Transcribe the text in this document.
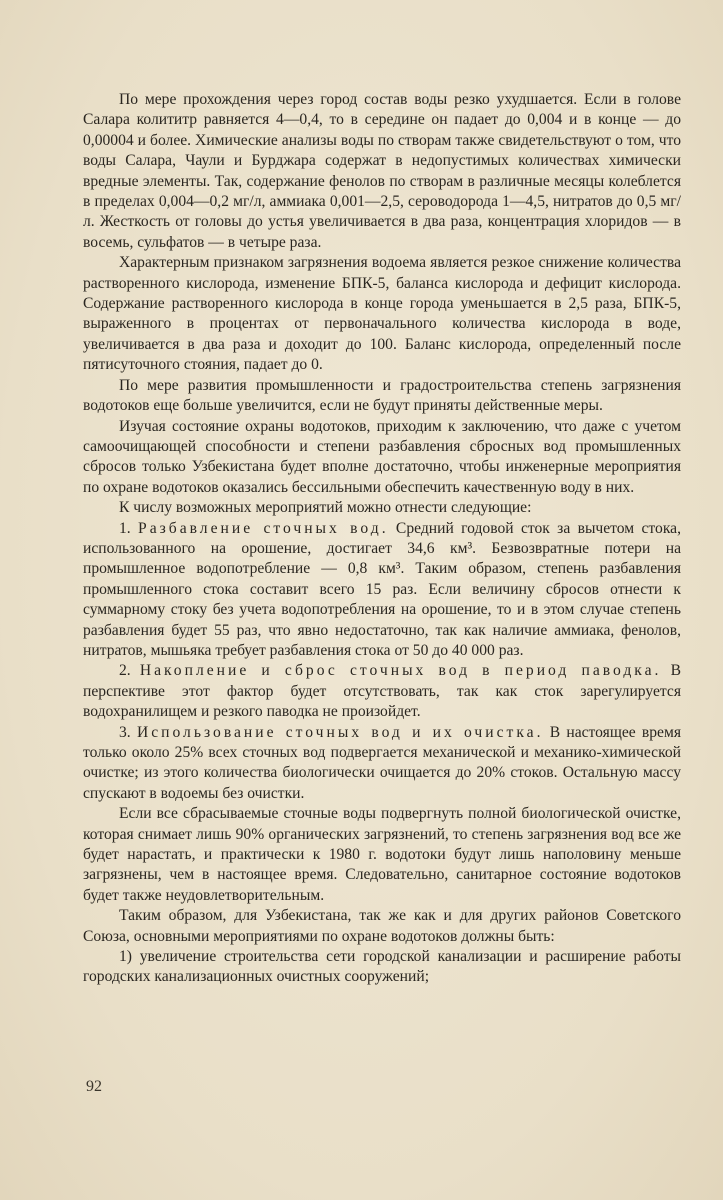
По мере прохождения через город состав воды резко ухудшается. Если в голове Салара колититр равняется 4—0,4, то в середине он падает до 0,004 и в конце — до 0,00004 и более. Химические анализы воды по створам также свидетельствуют о том, что воды Салара, Чаули и Бурджара содержат в недопустимых количествах химически вредные элементы. Так, содержание фенолов по створам в различные месяцы колеблется в пределах 0,004—0,2 мг/л, аммиака 0,001—2,5, сероводорода 1—4,5, нитратов до 0,5 мг/л. Жесткость от головы до устья увеличивается в два раза, концентрация хлоридов — в восемь, сульфатов — в четыре раза.

Характерным признаком загрязнения водоема является резкое снижение количества растворенного кислорода, изменение БПК-5, баланса кислорода и дефицит кислорода. Содержание растворенного кислорода в конце города уменьшается в 2,5 раза, БПК-5, выраженного в процентах от первоначального количества кислорода в воде, увеличивается в два раза и доходит до 100. Баланс кислорода, определенный после пятисуточного стояния, падает до 0.

По мере развития промышленности и градостроительства степень загрязнения водотоков еще больше увеличится, если не будут приняты действенные меры.

Изучая состояние охраны водотоков, приходим к заключению, что даже с учетом самоочищающей способности и степени разбавления сбросных вод промышленных сбросов только Узбекистана будет вполне достаточно, чтобы инженерные мероприятия по охране водотоков оказались бессильными обеспечить качественную воду в них.

К числу возможных мероприятий можно отнести следующие:

1. Разбавление сточных вод. Средний годовой сток за вычетом стока, использованного на орошение, достигает 34,6 км³. Безвозвратные потери на промышленное водопотребление — 0,8 км³. Таким образом, степень разбавления промышленного стока составит всего 15 раз. Если величину сбросов отнести к суммарному стоку без учета водопотребления на орошение, то и в этом случае степень разбавления будет 55 раз, что явно недостаточно, так как наличие аммиака, фенолов, нитратов, мышьяка требует разбавления стока от 50 до 40 000 раз.

2. Накопление и сброс сточных вод в период паводка. В перспективе этот фактор будет отсутствовать, так как сток зарегулируется водохранилищем и резкого паводка не произойдет.

3. Использование сточных вод и их очистка. В настоящее время только около 25% всех сточных вод подвергается механической и механико-химической очистке; из этого количества биологически очищается до 20% стоков. Остальную массу спускают в водоемы без очистки.

Если все сбрасываемые сточные воды подвергнуть полной биологической очистке, которая снимает лишь 90% органических загрязнений, то степень загрязнения вод все же будет нарастать, и практически к 1980 г. водотоки будут лишь наполовину меньше загрязнены, чем в настоящее время. Следовательно, санитарное состояние водотоков будет также неудовлетворительным.

Таким образом, для Узбекистана, так же как и для других районов Советского Союза, основными мероприятиями по охране водотоков должны быть:

1) увеличение строительства сети городской канализации и расширение работы городских канализационных очистных сооружений;

92
